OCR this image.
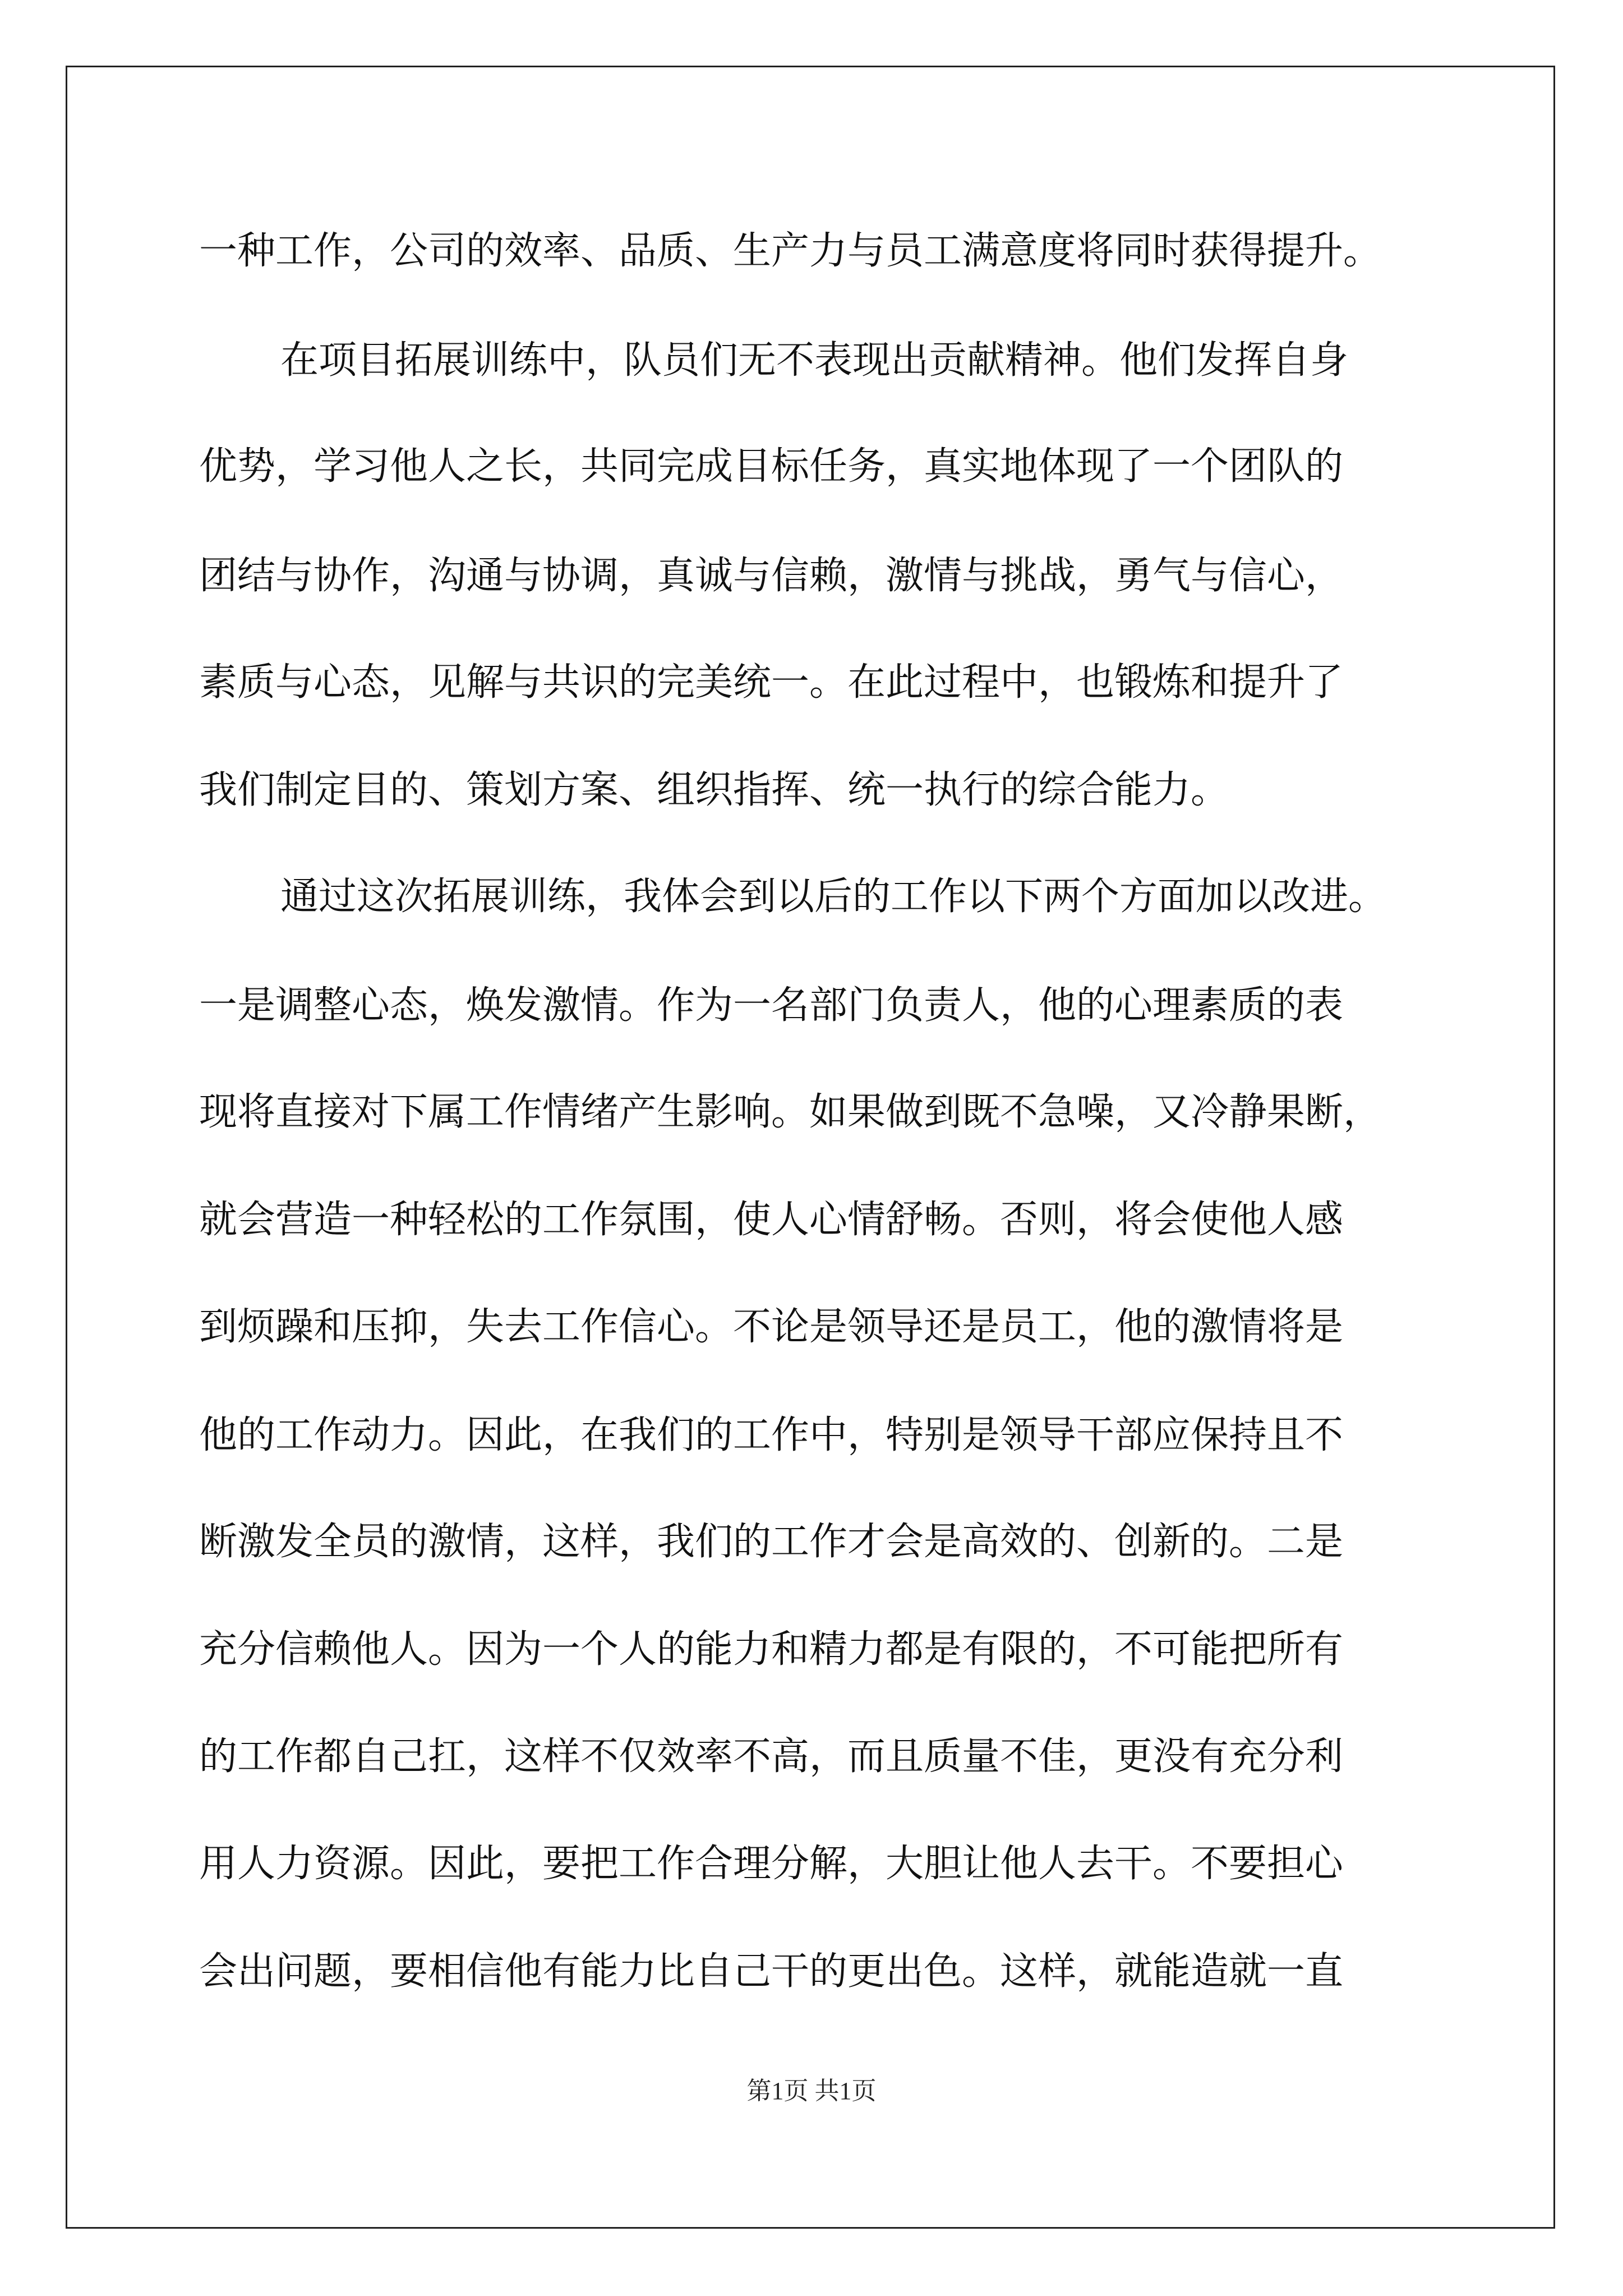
一种工作，公司的效率、品质、生产力与员工满意度将同时获得提升。
在项目拓展训练中，队员们无不表现出贡献精神。他们发挥自身
优势，学习他人之长，共同完成目标任务，真实地体现了一个团队的
团结与协作，沟通与协调，真诚与信赖，激情与挑战，勇气与信心，
素质与心态，见解与共识的完美统一。在此过程中，也锻炼和提升了
我们制定目的、策划方案、组织指挥、统一执行的综合能力。
通过这次拓展训练，我体会到以后的工作以下两个方面加以改进。
一是调整心态，焕发激情。作为一名部门负责人，他的心理素质的表
现将直接对下属工作情绪产生影响。如果做到既不急噪，又冷静果断，
就会营造一种轻松的工作氛围，使人心情舒畅。否则，将会使他人感
到烦躁和压抑，失去工作信心。不论是领导还是员工，他的激情将是
他的工作动力。因此，在我们的工作中，特别是领导干部应保持且不
断激发全员的激情，这样，我们的工作才会是高效的、创新的。二是
充分信赖他人。因为一个人的能力和精力都是有限的，不可能把所有
的工作都自己扛，这样不仅效率不高，而且质量不佳，更没有充分利
用人力资源。因此，要把工作合理分解，大胆让他人去干。不要担心
会出问题，要相信他有能力比自己干的更出色。这样，就能造就一直
第1页 共1页
